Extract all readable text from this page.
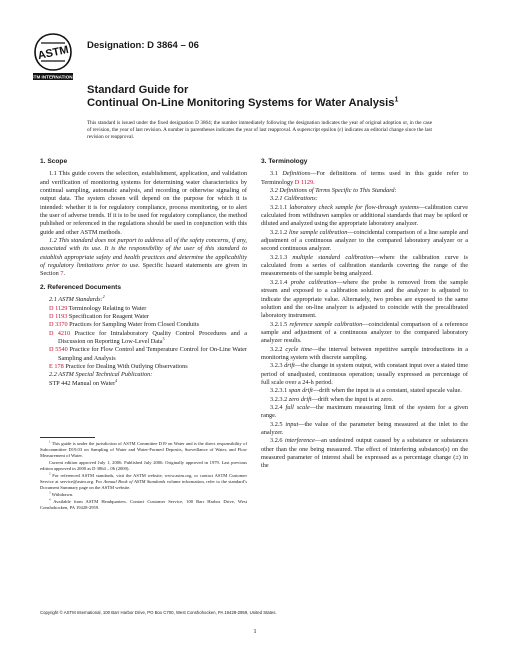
ASTM
ASTM INTERNATIONAL
Designation: D 3864 – 06
Standard Guide for
Continual On-Line Monitoring Systems for Water Analysis$^1$
This standard is issued under the fixed designation D 3864; the number immediately following the designation indicates the year of original adoption or, in the case of revision, the year of last revision. A number in parentheses indicates the year of last reapproval. A superscript epsilon (ε) indicates an editorial change since the last revision or reapproval.
1. Scope

1.1 This guide covers the selection, establishment, application, and validation and verification of monitoring systems for determining water characteristics by continual sampling, automatic analysis, and recording or otherwise signaling of output data. The system chosen will depend on the purpose for which it is intended: whether it is for regulatory compliance, process monitoring, or to alert the user of adverse trends. If it is to be used for regulatory compliance, the method published or referenced in the regulations should be used in conjunction with this guide and other ASTM methods.

1.2 This standard does not purport to address all of the safety concerns, if any, associated with its use. It is the responsibility of the user of this standard to establish appropriate safety and health practices and determine the applicability of regulatory limitations prior to use. Specific hazard statements are given in Section 7.

2. Referenced Documents

2.1 ASTM Standards:$^2$

D 1129 Terminology Relating to Water

D 1193 Specification for Reagent Water

D 3370 Practices for Sampling Water from Closed Conduits

D 4210 Practice for Intralaboratory Quality Control Procedures and a Discussion on Reporting Low-Level Data$^3$

D 5540 Practice for Flow Control and Temperature Control for On-Line Water Sampling and Analysis

E 178 Practice for Dealing With Outlying Observations

2.2 ASTM Special Technical Publication:

STP 442 Manual on Water$^4$

$^1$ This guide is under the jurisdiction of ASTM Committee D19 on Water and is the direct responsibility of Subcommittee D19.03 on Sampling of Water and Water-Formed Deposits, Surveillance of Water, and Flow Measurement of Water.

Current edition approved July 1, 2006. Published July 2006. Originally approved in 1979. Last previous edition approved in 2000 as D 3864 – 06 (2000).

$^2$ For referenced ASTM standards, visit the ASTM website, www.astm.org, or contact ASTM Customer Service at service@astm.org. For Annual Book of ASTM Standards volume information, refer to the standard’s Document Summary page on the ASTM website.

$^3$ Withdrawn.

$^4$ Available from ASTM Headquarters. Contact Customer Service, 100 Barr Harbor Drive, West Conshohocken, PA 19428-2959.

3. Terminology

3.1 Definitions—For definitions of terms used in this guide refer to Terminology D 1129.

3.2 Definitions of Terms Specific to This Standard:

3.2.1 Calibrations:

3.2.1.1 laboratory check sample for flow-through systems—calibration curve calculated from withdrawn samples or additional standards that may be spiked or diluted and analyzed using the appropriate laboratory analyzer.

3.2.1.2 line sample calibration—coincidental comparison of a line sample and adjustment of a continuous analyzer to the compared laboratory analyzer or a second continuous analyzer.

3.2.1.3 multiple standard calibration—where the calibration curve is calculated from a series of calibration standards covering the range of the measurements of the sample being analyzed.

3.2.1.4 probe calibration—where the probe is removed from the sample stream and exposed to a calibration solution and the analyzer is adjusted to indicate the appropriate value. Alternately, two probes are exposed to the same solution and the on-line analyzer is adjusted to coincide with the precalibrated laboratory instrument.

3.2.1.5 reference sample calibration—coincidental comparison of a reference sample and adjustment of a continuous analyzer to the compared laboratory analyzer results.

3.2.2 cycle time—the interval between repetitive sample introductions in a monitoring system with discrete sampling.

3.2.3 drift—the change in system output, with constant input over a stated time period of unadjusted, continuous operation; usually expressed as percentage of full scale over a 24-h period.

3.2.3.1 span drift—drift when the input is at a constant, stated upscale value.

3.2.3.2 zero drift—drift when the input is at zero.

3.2.4 full scale—the maximum measuring limit of the system for a given range.

3.2.5 input—the value of the parameter being measured at the inlet to the analyzer.

3.2.6 interference—an undesired output caused by a substance or substances other than the one being measured. The effect of interfering substance(s) on the measured parameter of interest shall be expressed as a percentage change (±) in the

Copyright © ASTM International, 100 Barr Harbor Drive, PO Box C700, West Conshohocken, PA 19428-2959, United States.
1
